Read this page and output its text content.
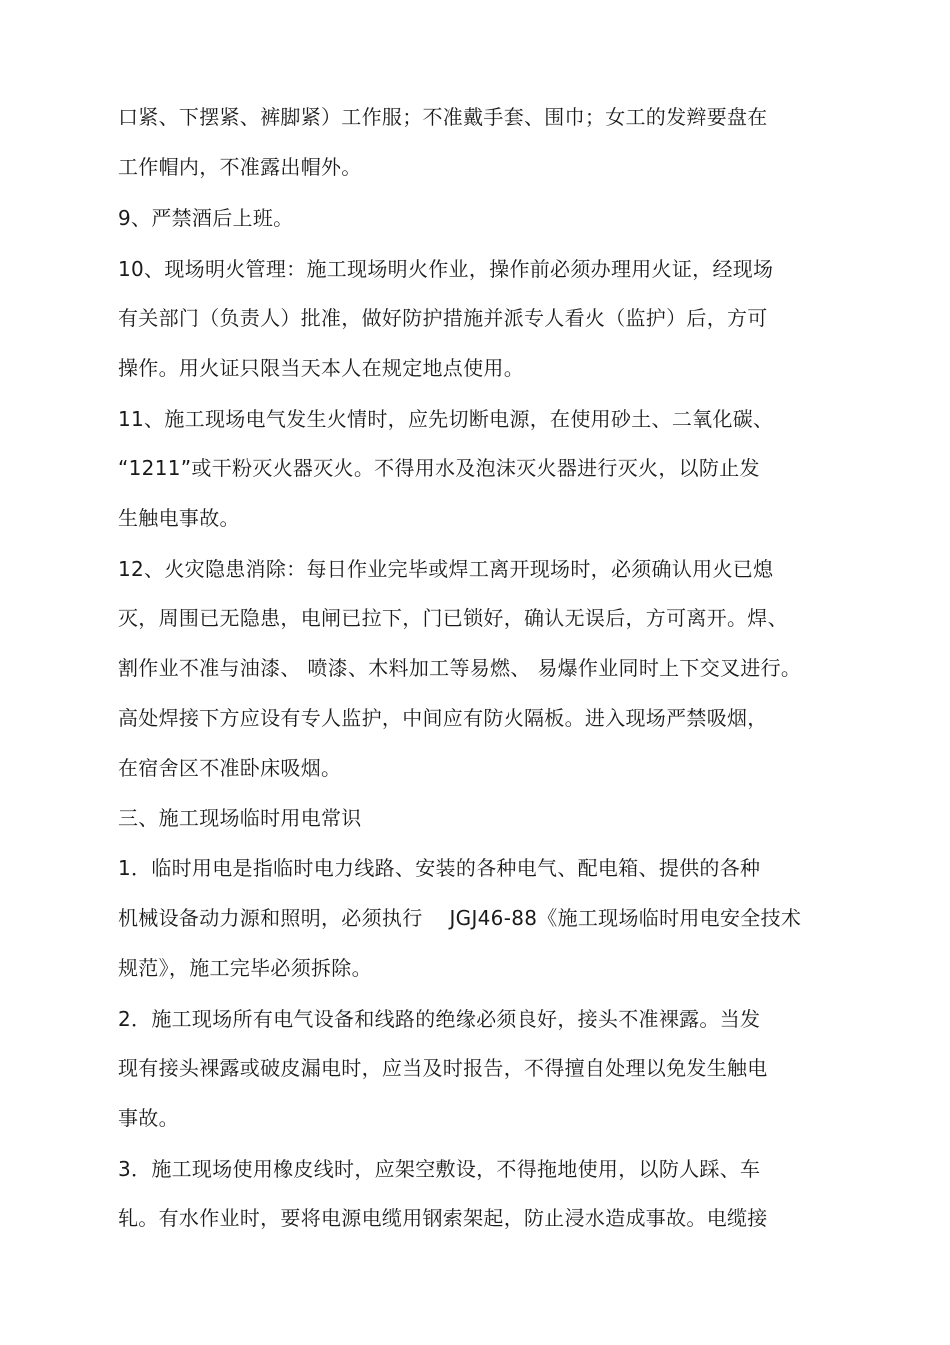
口紧、下摆紧、裤脚紧）工作服；不准戴手套、围巾；女工的发辫要盘在
工作帽内，不准露出帽外。
9、严禁酒后上班。
10、现场明火管理：施工现场明火作业，操作前必须办理用火证，经现场
有关部门（负责人）批准，做好防护措施并派专人看火（监护）后，方可
操作。用火证只限当天本人在规定地点使用。
11、施工现场电气发生火情时，应先切断电源，在使用砂土、二氧化碳、
“1211”或干粉灭火器灭火。不得用水及泡沫灭火器进行灭火，以防止发
生触电事故。
12、火灾隐患消除：每日作业完毕或焊工离开现场时，必须确认用火已熄
灭，周围已无隐患，电闸已拉下，门已锁好，确认无误后，方可离开。焊、
割作业不准与油漆、 喷漆、木料加工等易燃、 易爆作业同时上下交叉进行。
高处焊接下方应设有专人监护，中间应有防火隔板。进入现场严禁吸烟，
在宿舍区不准卧床吸烟。
三、施工现场临时用电常识
1．临时用电是指临时电力线路、安装的各种电气、配电箱、提供的各种
机械设备动力源和照明，必须执行　 JGJ46-88《施工现场临时用电安全技术
规范》，施工完毕必须拆除。
2．施工现场所有电气设备和线路的绝缘必须良好，接头不准裸露。当发
现有接头裸露或破皮漏电时，应当及时报告，不得擅自处理以免发生触电
事故。
3．施工现场使用橡皮线时，应架空敷设，不得拖地使用，以防人踩、车
轧。有水作业时，要将电源电缆用钢索架起，防止浸水造成事故。电缆接
